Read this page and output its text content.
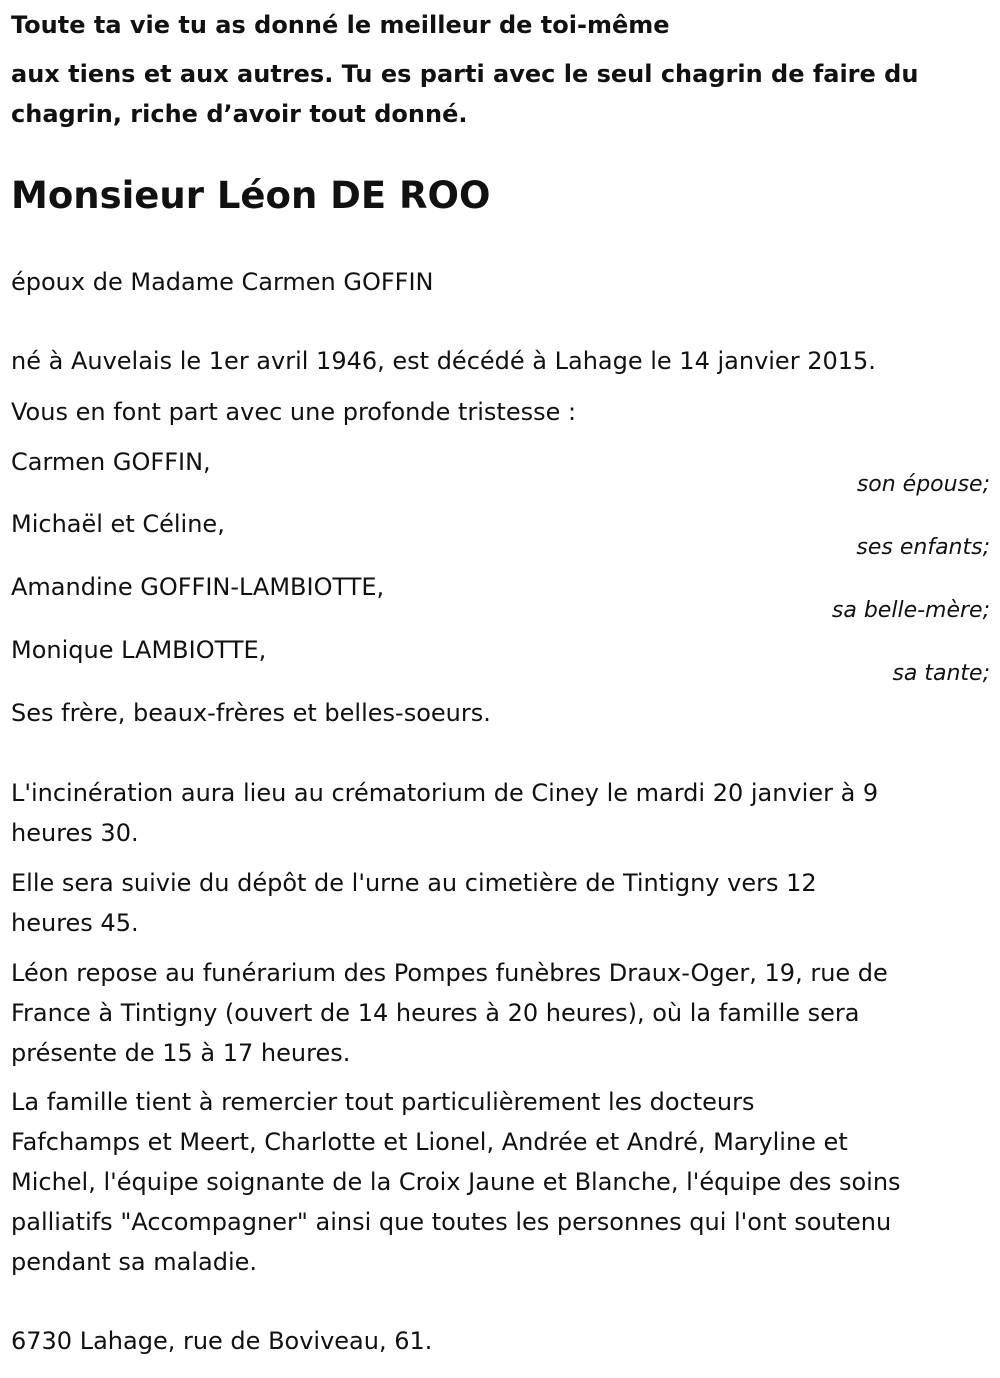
Toute ta vie tu as donné le meilleur de toi-même
aux tiens et aux autres. Tu es parti avec le seul chagrin de faire du
chagrin, riche d’avoir tout donné.
Monsieur Léon DE ROO
époux de Madame Carmen GOFFIN
né à Auvelais le 1er avril 1946, est décédé à Lahage le 14 janvier 2015.
Vous en font part avec une profonde tristesse :
Carmen GOFFIN,
son épouse;
Michaël et Céline,
ses enfants;
Amandine GOFFIN-LAMBIOTTE,
sa belle-mère;
Monique LAMBIOTTE,
sa tante;
Ses frère, beaux-frères et belles-soeurs.
L'incinération aura lieu au crématorium de Ciney le mardi 20 janvier à 9
heures 30.
Elle sera suivie du dépôt de l'urne au cimetière de Tintigny vers 12
heures 45.
Léon repose au funérarium des Pompes funèbres Draux-Oger, 19, rue de
France à Tintigny (ouvert de 14 heures à 20 heures), où la famille sera
présente de 15 à 17 heures.
La famille tient à remercier tout particulièrement les docteurs
Fafchamps et Meert, Charlotte et Lionel, Andrée et André, Maryline et
Michel, l'équipe soignante de la Croix Jaune et Blanche, l'équipe des soins
palliatifs "Accompagner" ainsi que toutes les personnes qui l'ont soutenu
pendant sa maladie.
6730 Lahage, rue de Boviveau, 61.
